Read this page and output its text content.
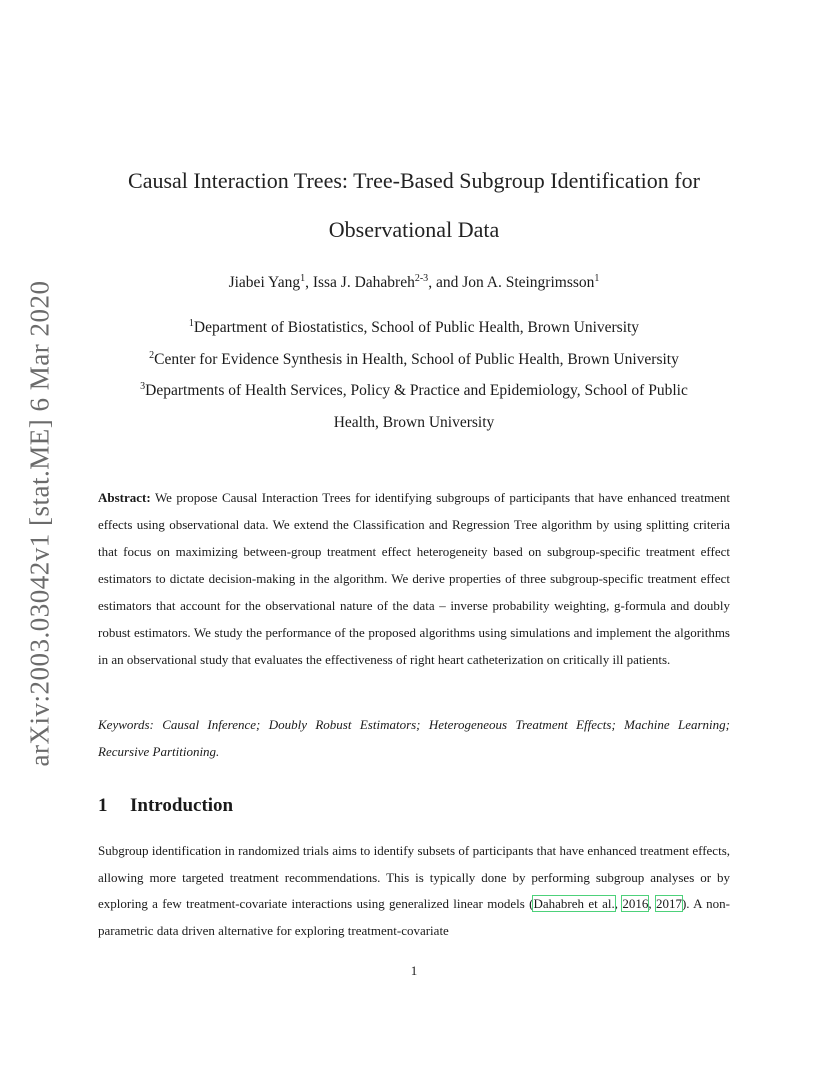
arXiv:2003.03042v1 [stat.ME] 6 Mar 2020
Causal Interaction Trees: Tree-Based Subgroup Identification for
Observational Data
Jiabei Yang$^1$, Issa J. Dahabreh$^{2-3}$, and Jon A. Steingrimsson$^1$
$^1$Department of Biostatistics, School of Public Health, Brown University
$^2$Center for Evidence Synthesis in Health, School of Public Health, Brown University
$^3$Departments of Health Services, Policy & Practice and Epidemiology, School of Public
Health, Brown University
Abstract: We propose Causal Interaction Trees for identifying subgroups of participants that have enhanced treatment effects using observational data. We extend the Classification and Regression Tree algorithm by using splitting criteria that focus on maximizing between-group treatment effect heterogeneity based on subgroup-specific treatment effect estimators to dictate decision-making in the algorithm. We derive properties of three subgroup-specific treatment effect estimators that account for the observational nature of the data – inverse probability weighting, g-formula and doubly robust estimators. We study the performance of the proposed algorithms using simulations and implement the algorithms in an observational study that evaluates the effectiveness of right heart catheterization on critically ill patients.
Keywords: Causal Inference; Doubly Robust Estimators; Heterogeneous Treatment Effects; Machine Learning; Recursive Partitioning.
1 Introduction
Subgroup identification in randomized trials aims to identify subsets of participants that have enhanced treatment effects, allowing more targeted treatment recommendations. This is typically done by performing subgroup analyses or by exploring a few treatment-covariate interactions using generalized linear models (Dahabreh et al., 2016, 2017). A non-parametric data driven alternative for exploring treatment-covariate
1
